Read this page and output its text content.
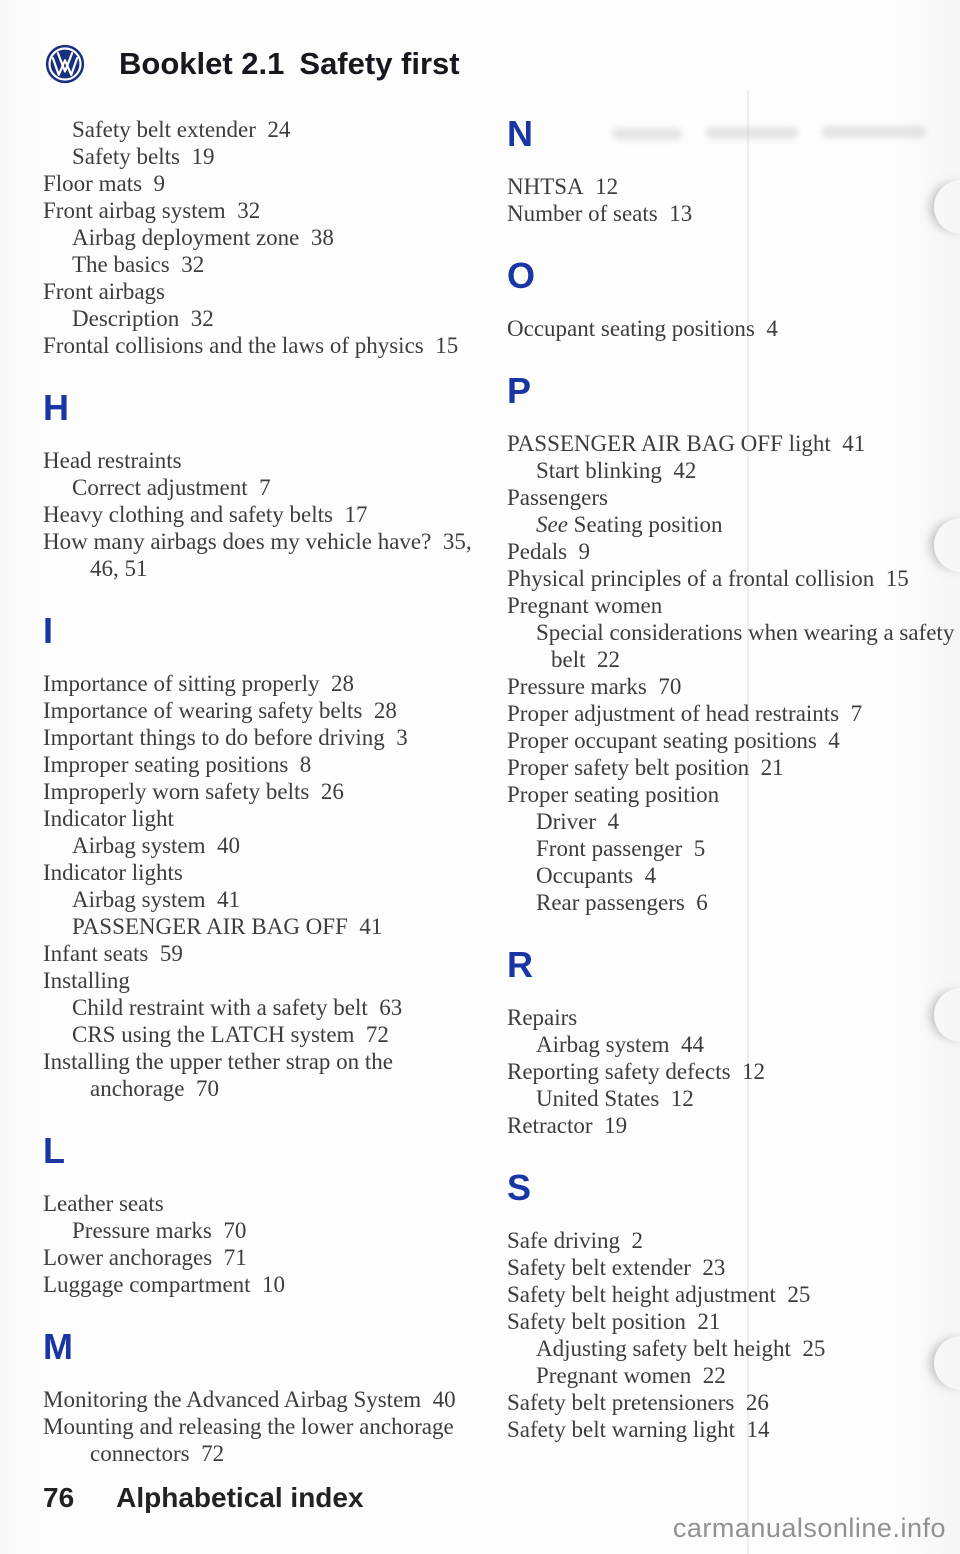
Booklet 2.1 Safety first
Safety belt extender 24
Safety belts 19
Floor mats 9
Front airbag system 32
Airbag deployment zone 38
The basics 32
Front airbags
Description 32
Frontal collisions and the laws of physics 15
H
Head restraints
Correct adjustment 7
Heavy clothing and safety belts 17
How many airbags does my vehicle have? 35, 46, 51
I
Importance of sitting properly 28
Importance of wearing safety belts 28
Important things to do before driving 3
Improper seating positions 8
Improperly worn safety belts 26
Indicator light
Airbag system 40
Indicator lights
Airbag system 41
PASSENGER AIR BAG OFF 41
Infant seats 59
Installing
Child restraint with a safety belt 63
CRS using the LATCH system 72
Installing the upper tether strap on the anchorage 70
L
Leather seats
Pressure marks 70
Lower anchorages 71
Luggage compartment 10
M
Monitoring the Advanced Airbag System 40
Mounting and releasing the lower anchorage connectors 72
N
NHTSA 12
Number of seats 13
O
Occupant seating positions 4
P
PASSENGER AIR BAG OFF light 41
Start blinking 42
Passengers
See Seating position
Pedals 9
Physical principles of a frontal collision 15
Pregnant women
Special considerations when wearing a safety belt 22
Pressure marks 70
Proper adjustment of head restraints 7
Proper occupant seating positions 4
Proper safety belt position 21
Proper seating position
Driver 4
Front passenger 5
Occupants 4
Rear passengers 6
R
Repairs
Airbag system 44
Reporting safety defects 12
United States 12
Retractor 19
S
Safe driving 2
Safety belt extender 23
Safety belt height adjustment 25
Safety belt position 21
Adjusting safety belt height 25
Pregnant women 22
Safety belt pretensioners 26
Safety belt warning light 14
76 Alphabetical index
carmanualsonline.info
